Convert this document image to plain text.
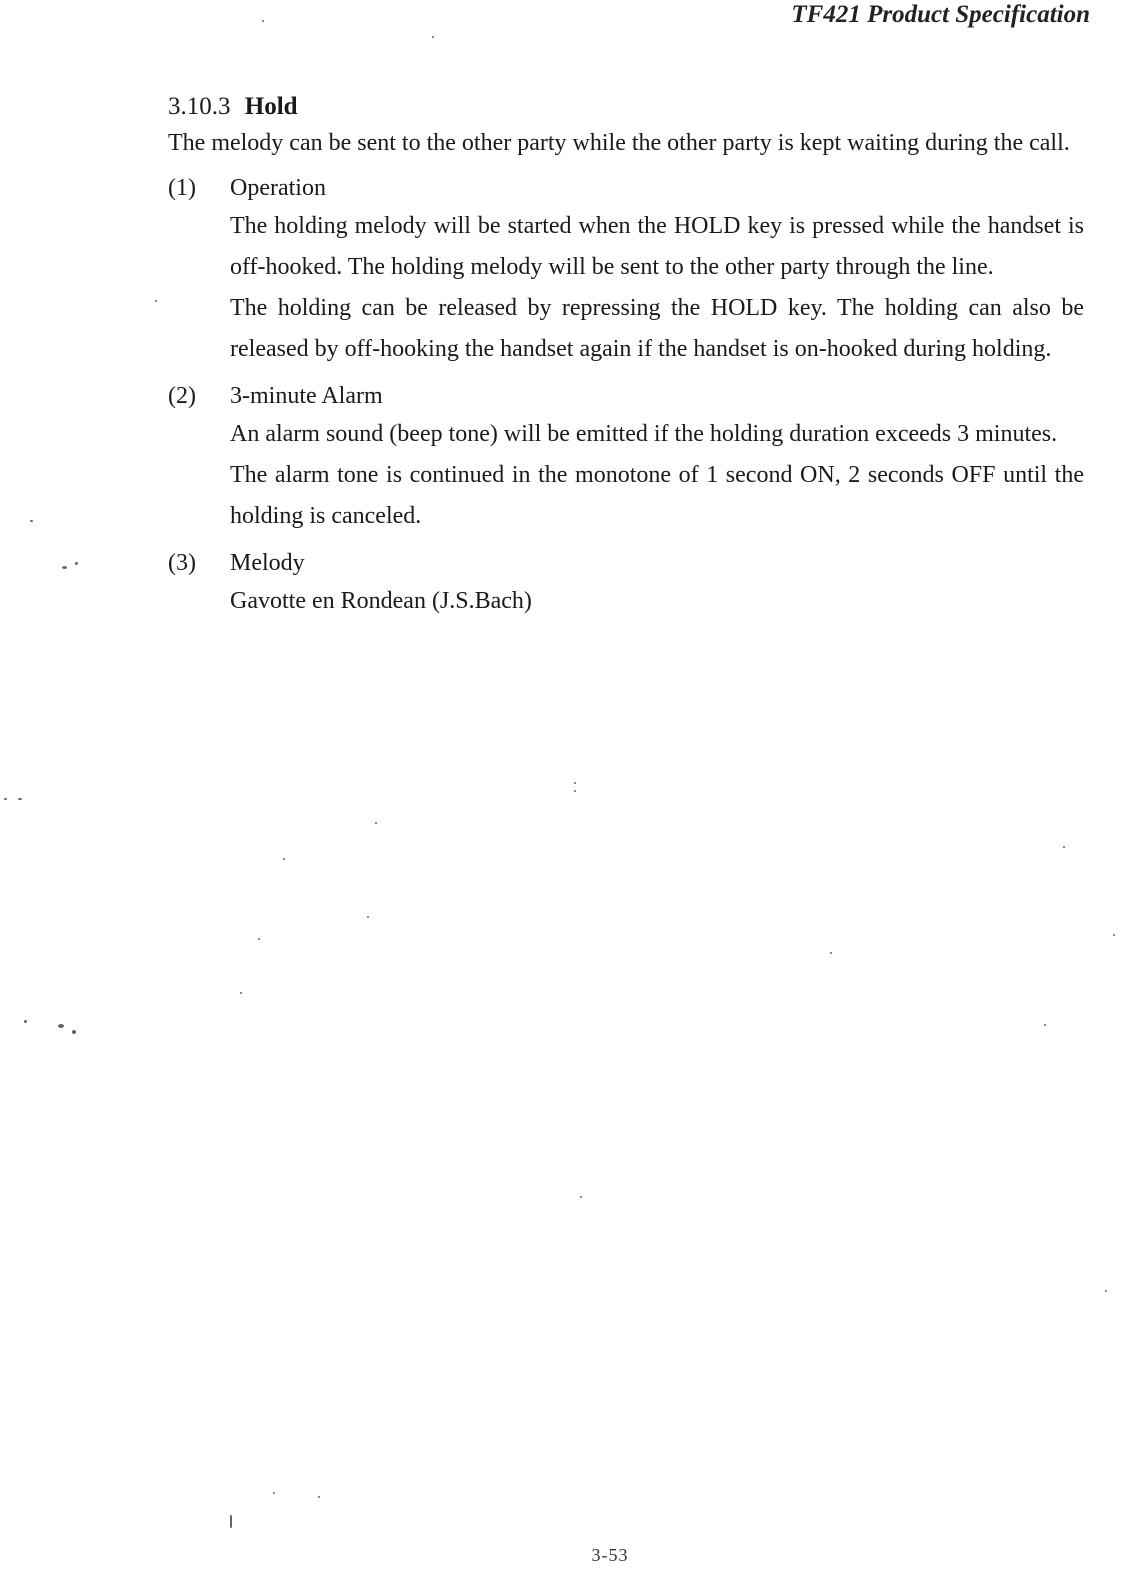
TF421 Product Specification
3.10.3 Hold

The melody can be sent to the other party while the other party is kept waiting during the call.

(1) Operation

The holding melody will be started when the HOLD key is pressed while the handset is off-hooked. The holding melody will be sent to the other party through the line.

The holding can be released by repressing the HOLD key. The holding can also be released by off-hooking the handset again if the handset is on-hooked during holding.

(2) 3-minute Alarm

An alarm sound (beep tone) will be emitted if the holding duration exceeds 3 minutes.

The alarm tone is continued in the monotone of 1 second ON, 2 seconds OFF until the holding is canceled.

(3) Melody

Gavotte en Rondean (J.S.Bach)

3-53
